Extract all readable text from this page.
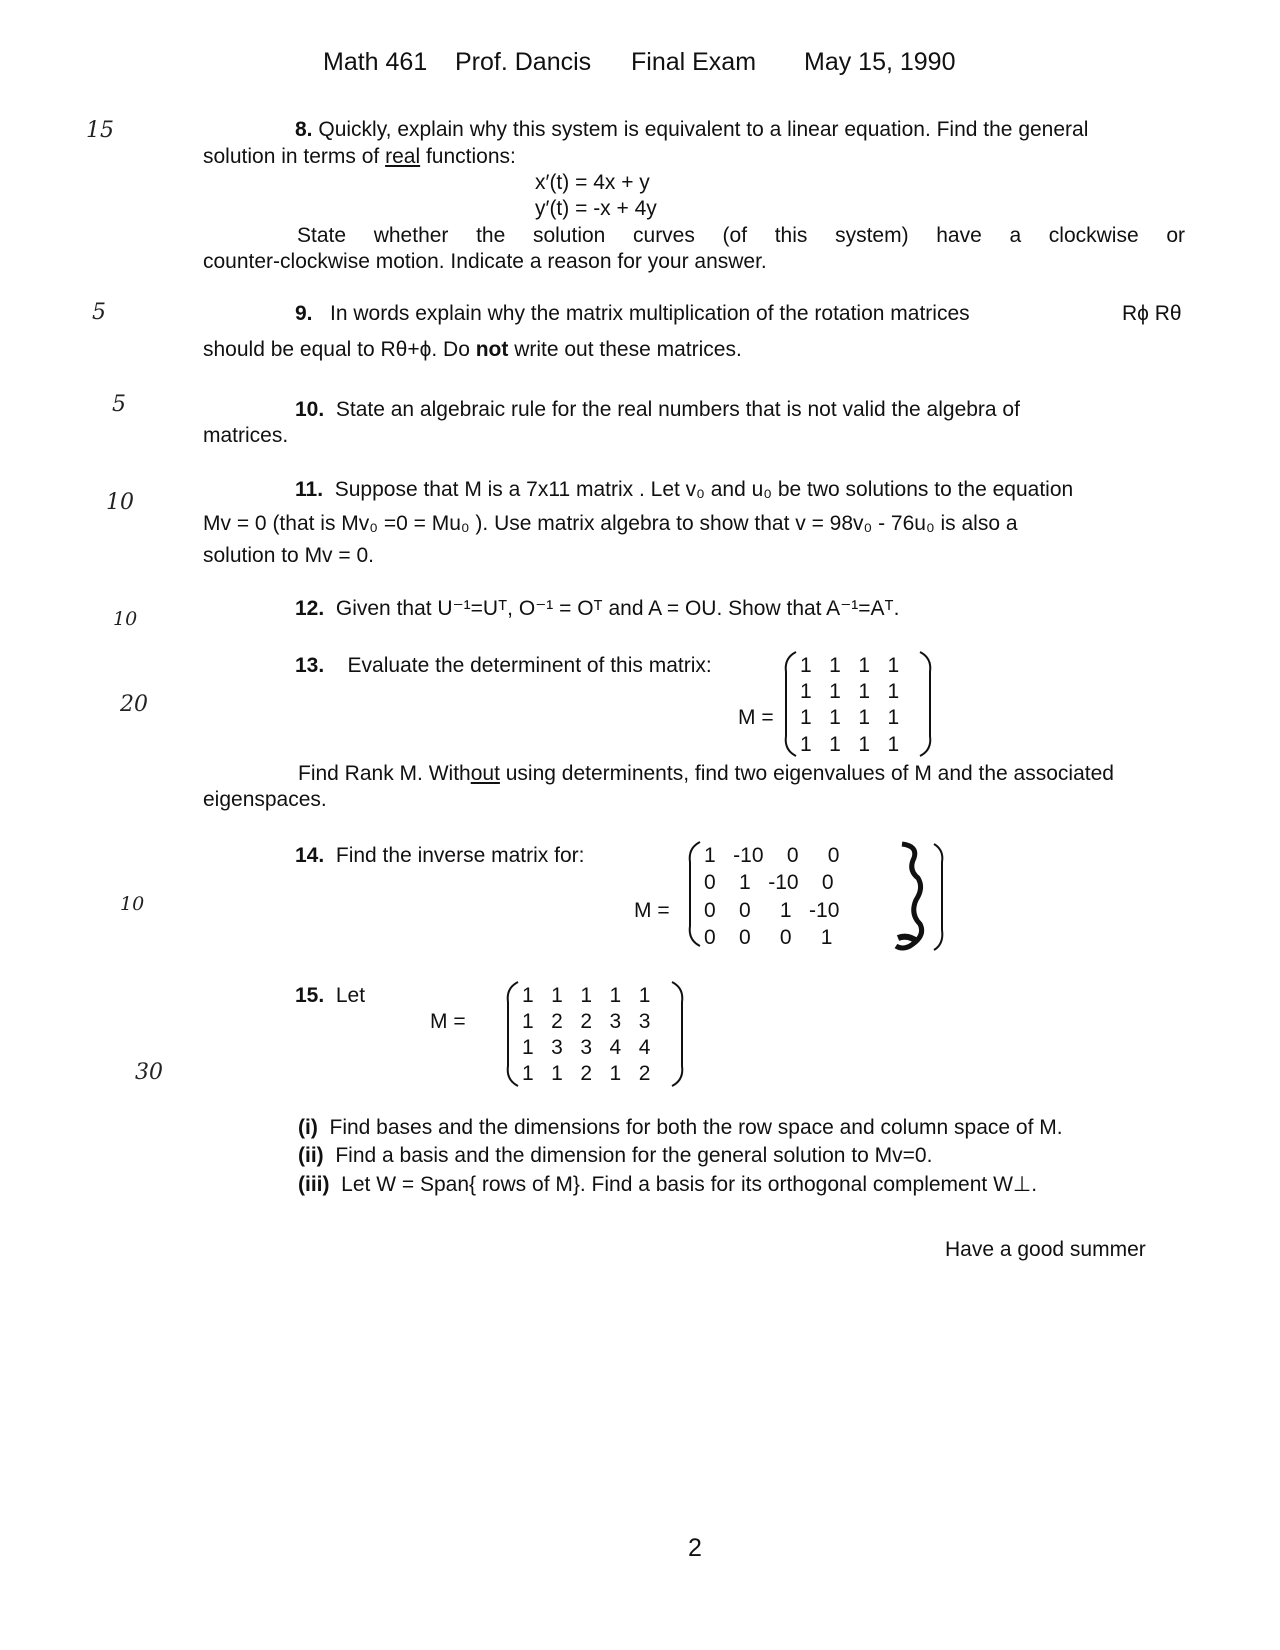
Math 461 Prof. Dancis Final Exam May 15, 1990
15
5
5
10
10
20
10
30
8. Quickly, explain why this system is equivalent to a linear equation. Find the general
solution in terms of real functions:
x′(t) = 4x + y
y′(t) = -x + 4y
State whether the solution curves (of this system) have a clockwise or
counter-clockwise motion. Indicate a reason for your answer.
9. In words explain why the matrix multiplication of the rotation matrices	Rϕ Rθ
should be equal to Rθ+ϕ. Do not write out these matrices.
10. State an algebraic rule for the real numbers that is not valid the algebra of
matrices.
11. Suppose that M is a 7x11 matrix . Let v₀ and u₀ be two solutions to the equation
Mv = 0 (that is Mv₀ =0 = Mu₀ ). Use matrix algebra to show that v = 98v₀ - 76u₀ is also a
solution to Mv = 0.
12. Given that U⁻¹=Uᵀ, O⁻¹ = Oᵀ and A = OU. Show that A⁻¹=Aᵀ.
13. Evaluate the determinent of this matrix:
M =
1   1   1   1
1   1   1   1
1   1   1   1
1   1   1   1
Find Rank M. Without using determinents, find two eigenvalues of M and the associated
eigenspaces.
14. Find the inverse matrix for:
M =
1   -10    0     0
0    1   -10    0
0    0     1   -10
0    0     0     1
15. Let
M =
1   1   1   1   1
1   2   2   3   3
1   3   3   4   4
1   1   2   1   2
(i) Find bases and the dimensions for both the row space and column space of M.
(ii) Find a basis and the dimension for the general solution to Mv=0.
(iii) Let W = Span{ rows of M}. Find a basis for its orthogonal complement W⊥.
Have a good summer
2
